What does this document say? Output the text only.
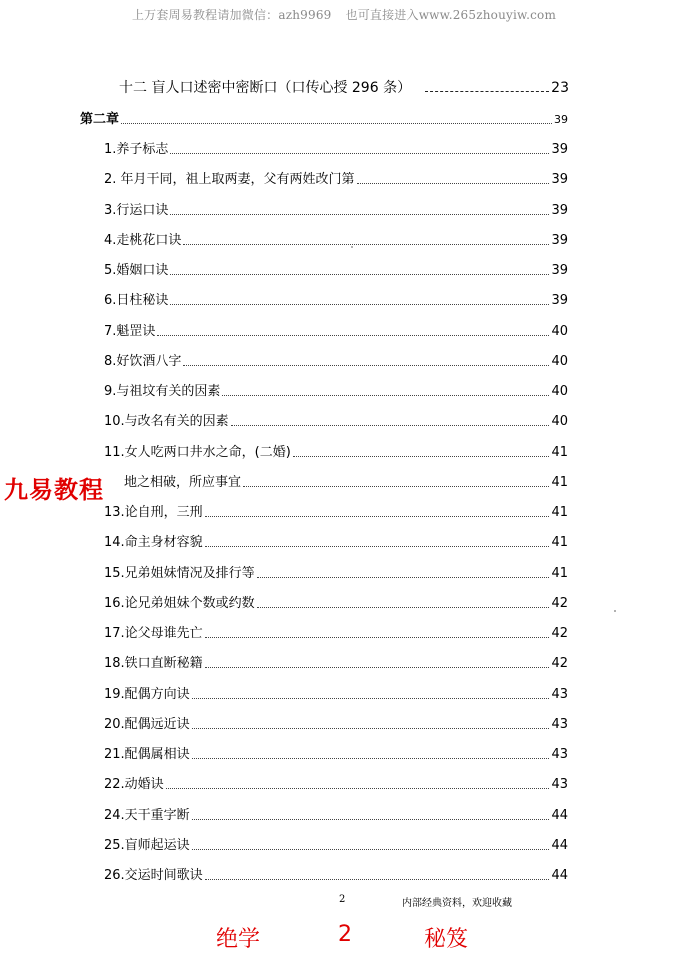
上万套周易教程请加微信：azh9969 也可直接进入www.265zhouyiw.com
十二 盲人口述密中密断口（口传心授 296 条）	23
第二章	39
1.养子标志	39
2. 年月干同，祖上取两妻，父有两姓改门第	39
3.行运口诀	39
4.走桃花口诀	39
5.婚姻口诀	39
6.日柱秘诀	39
7.魁罡诀	40
8.好饮酒八字	40
9.与祖坟有关的因素	40
10.与改名有关的因素	40
11.女人吃两口井水之命，(二婚)	41
地之相破，所应事宜	41
13.论自刑，三刑	41
14.命主身材容貌	41
15.兄弟姐妹情况及排行等	41
16.论兄弟姐妹个数或约数	42
17.论父母谁先亡	42
18.铁口直断秘籍	42
19.配偶方向诀	43
20.配偶远近诀	43
21.配偶属相诀	43
22.动婚诀	43
24.天干重字断	44
25.盲师起运诀	44
26.交运时间歌诀	44
九易教程
2	内部经典资料，欢迎收藏
绝学	2	秘笈
